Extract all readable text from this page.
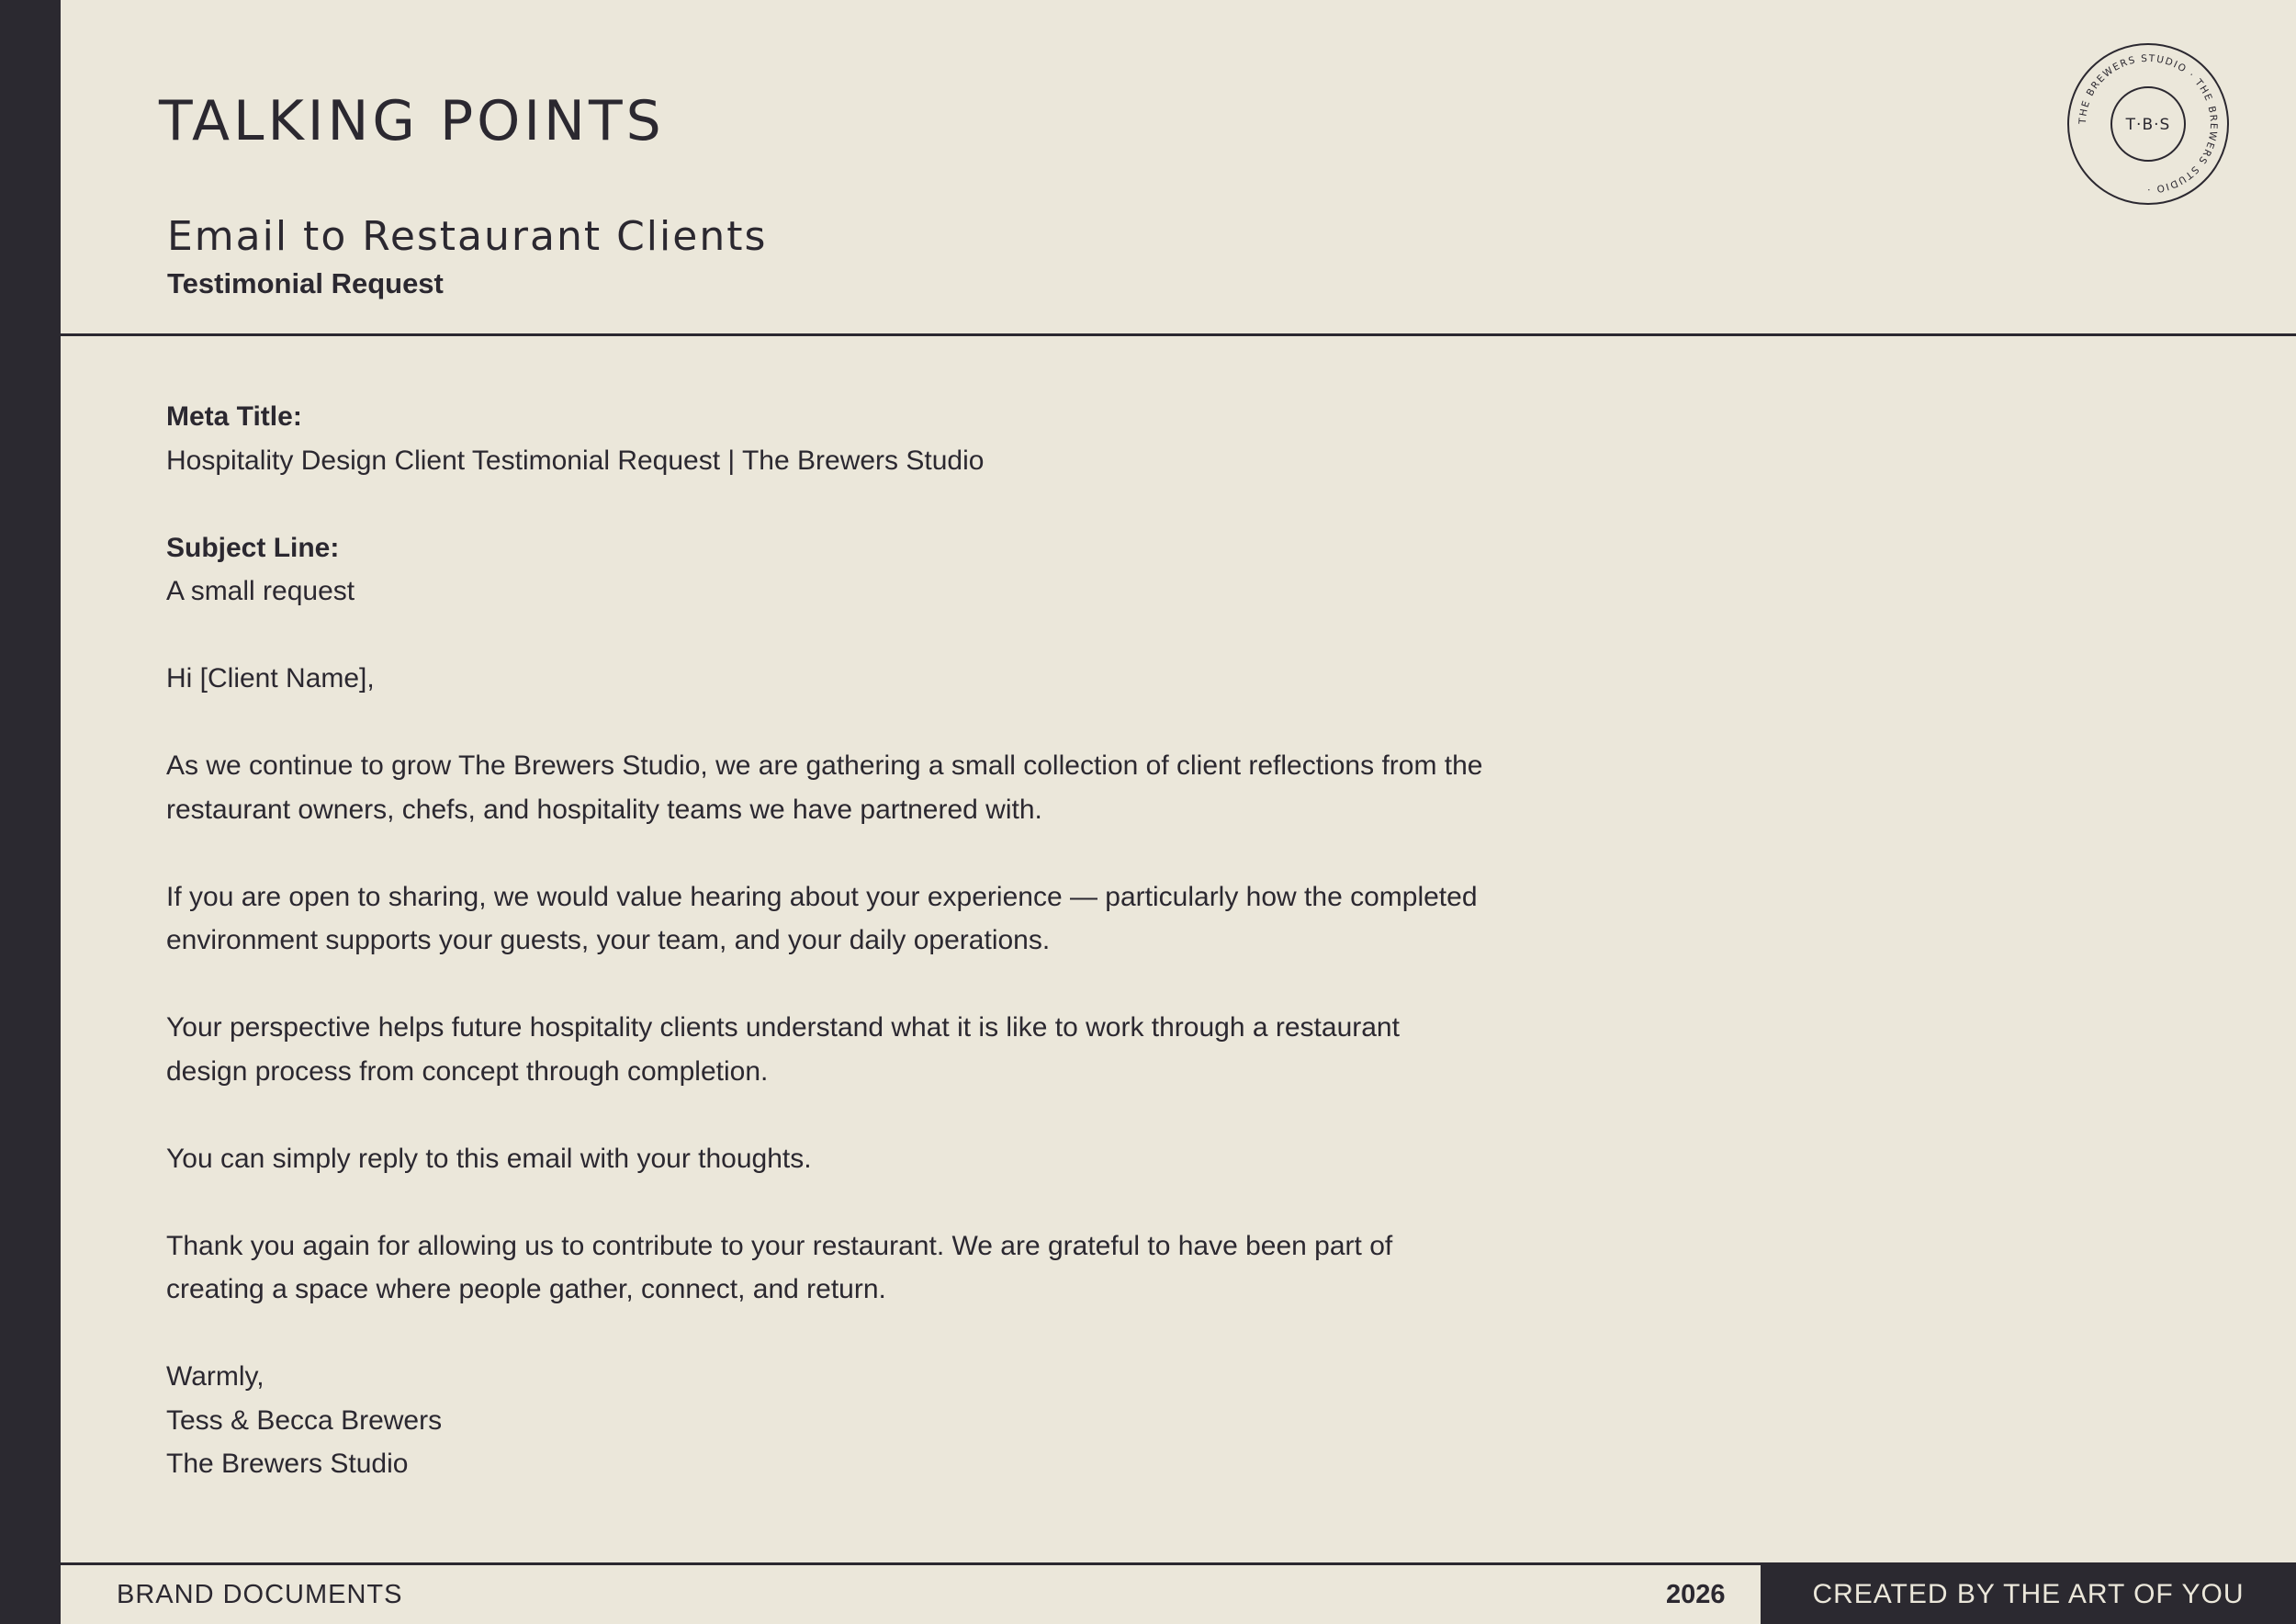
TALKING POINTS	THE BREWERS STUDIO · THE BREWERS STUDIO ·
T·B·S
Email to Restaurant Clients
Testimonial Request
Meta Title:
Hospitality Design Client Testimonial Request | The Brewers Studio
Subject Line:
A small request
Hi [Client Name],
As we continue to grow The Brewers Studio, we are gathering a small collection of client reflections from the
restaurant owners, chefs, and hospitality teams we have partnered with.
If you are open to sharing, we would value hearing about your experience — particularly how the completed
environment supports your guests, your team, and your daily operations.
Your perspective helps future hospitality clients understand what it is like to work through a restaurant
design process from concept through completion.
You can simply reply to this email with your thoughts.
Thank you again for allowing us to contribute to your restaurant. We are grateful to have been part of
creating a space where people gather, connect, and return.
Warmly,
Tess & Becca Brewers
The Brewers Studio
BRAND DOCUMENTS	2026	CREATED BY THE ART OF YOU
